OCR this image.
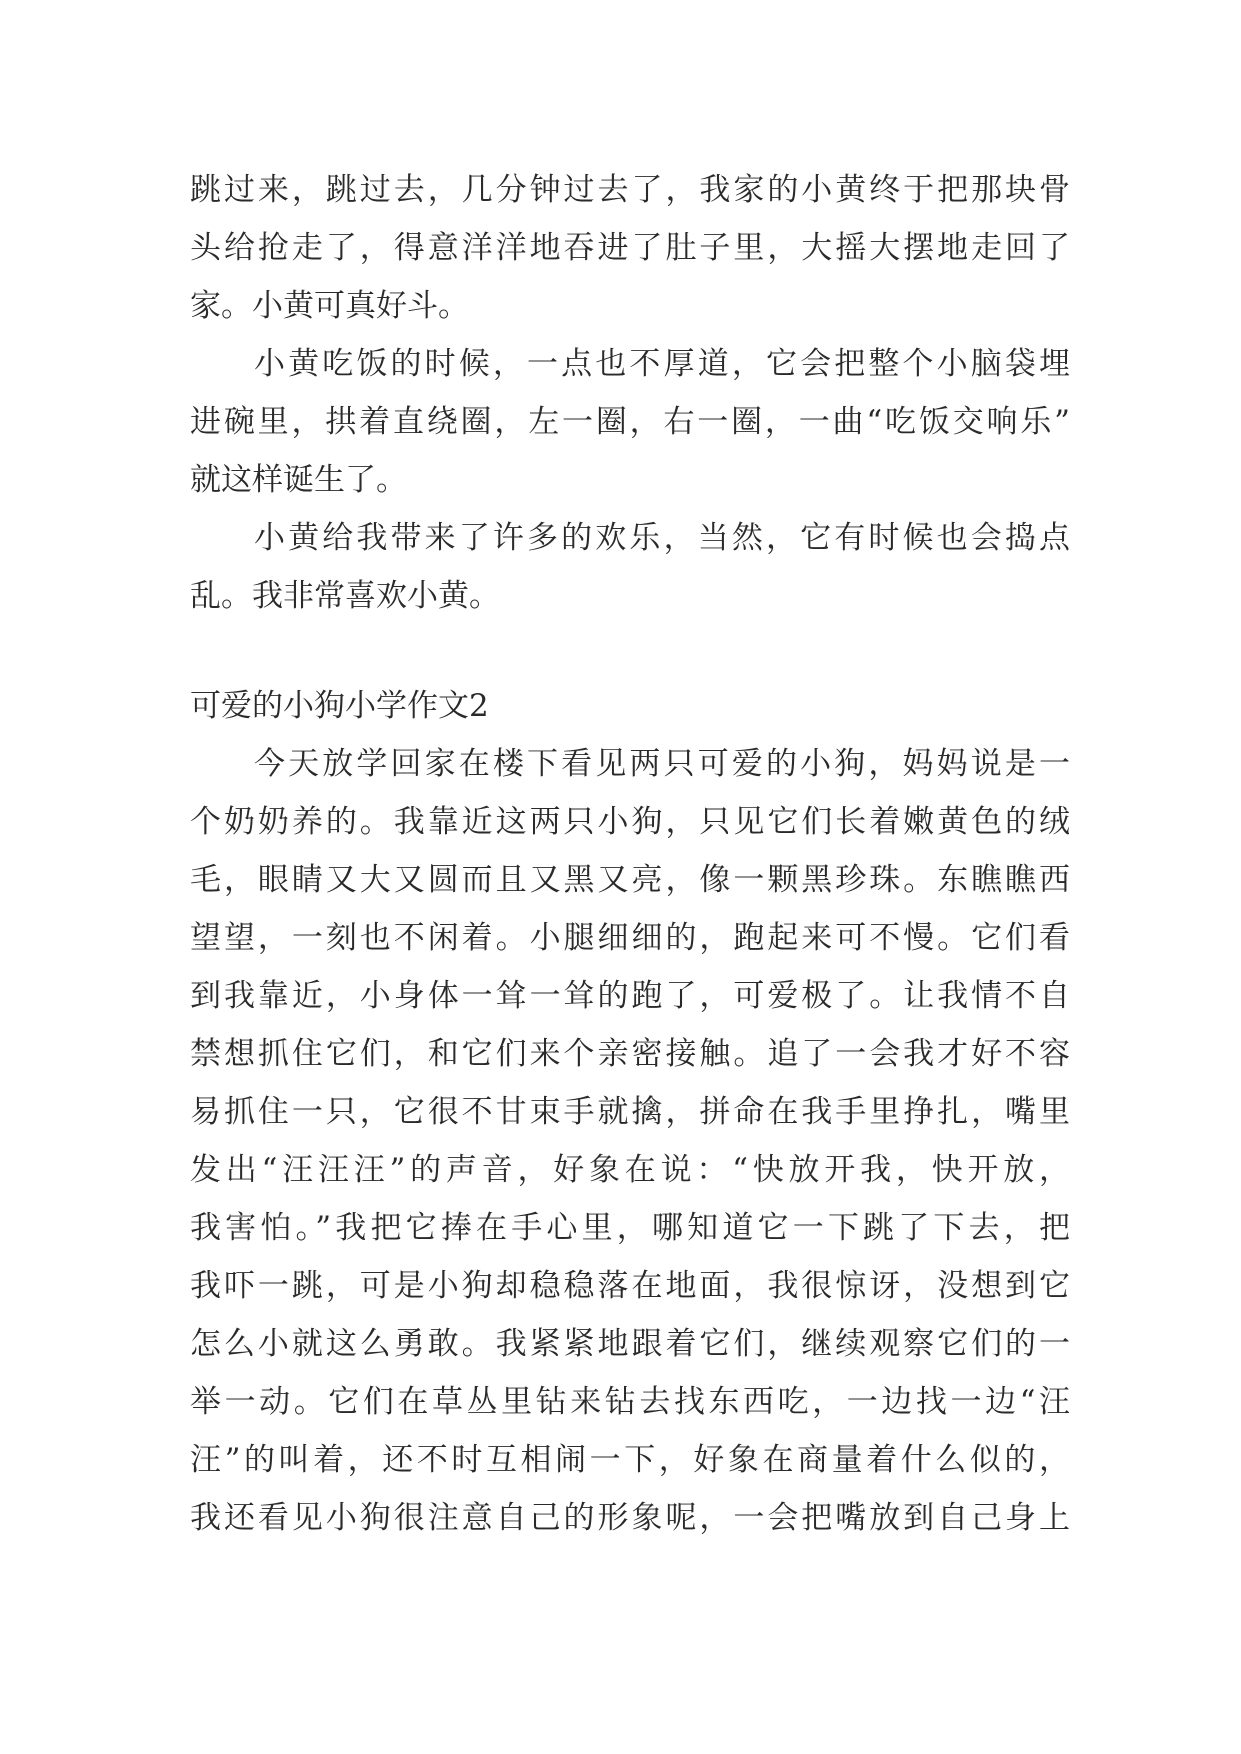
跳过来，跳过去，几分钟过去了，我家的小黄终于把那块骨
头给抢走了，得意洋洋地吞进了肚子里，大摇大摆地走回了
家。小黄可真好斗。
小黄吃饭的时候，一点也不厚道，它会把整个小脑袋埋
进碗里，拱着直绕圈，左一圈，右一圈，一曲“吃饭交响乐”
就这样诞生了。
小黄给我带来了许多的欢乐，当然，它有时候也会捣点
乱。我非常喜欢小黄。
可爱的小狗小学作文2
今天放学回家在楼下看见两只可爱的小狗，妈妈说是一
个奶奶养的。我靠近这两只小狗，只见它们长着嫩黄色的绒
毛，眼睛又大又圆而且又黑又亮，像一颗黑珍珠。东瞧瞧西
望望，一刻也不闲着。小腿细细的，跑起来可不慢。它们看
到我靠近，小身体一耸一耸的跑了，可爱极了。让我情不自
禁想抓住它们，和它们来个亲密接触。追了一会我才好不容
易抓住一只，它很不甘束手就擒，拼命在我手里挣扎，嘴里
发出“汪汪汪”的声音，好象在说：“快放开我，快开放，
我害怕。”我把它捧在手心里，哪知道它一下跳了下去，把
我吓一跳，可是小狗却稳稳落在地面，我很惊讶，没想到它
怎么小就这么勇敢。我紧紧地跟着它们，继续观察它们的一
举一动。它们在草丛里钻来钻去找东西吃，一边找一边“汪
汪”的叫着，还不时互相闹一下，好象在商量着什么似的，
我还看见小狗很注意自己的形象呢，一会把嘴放到自己身上
